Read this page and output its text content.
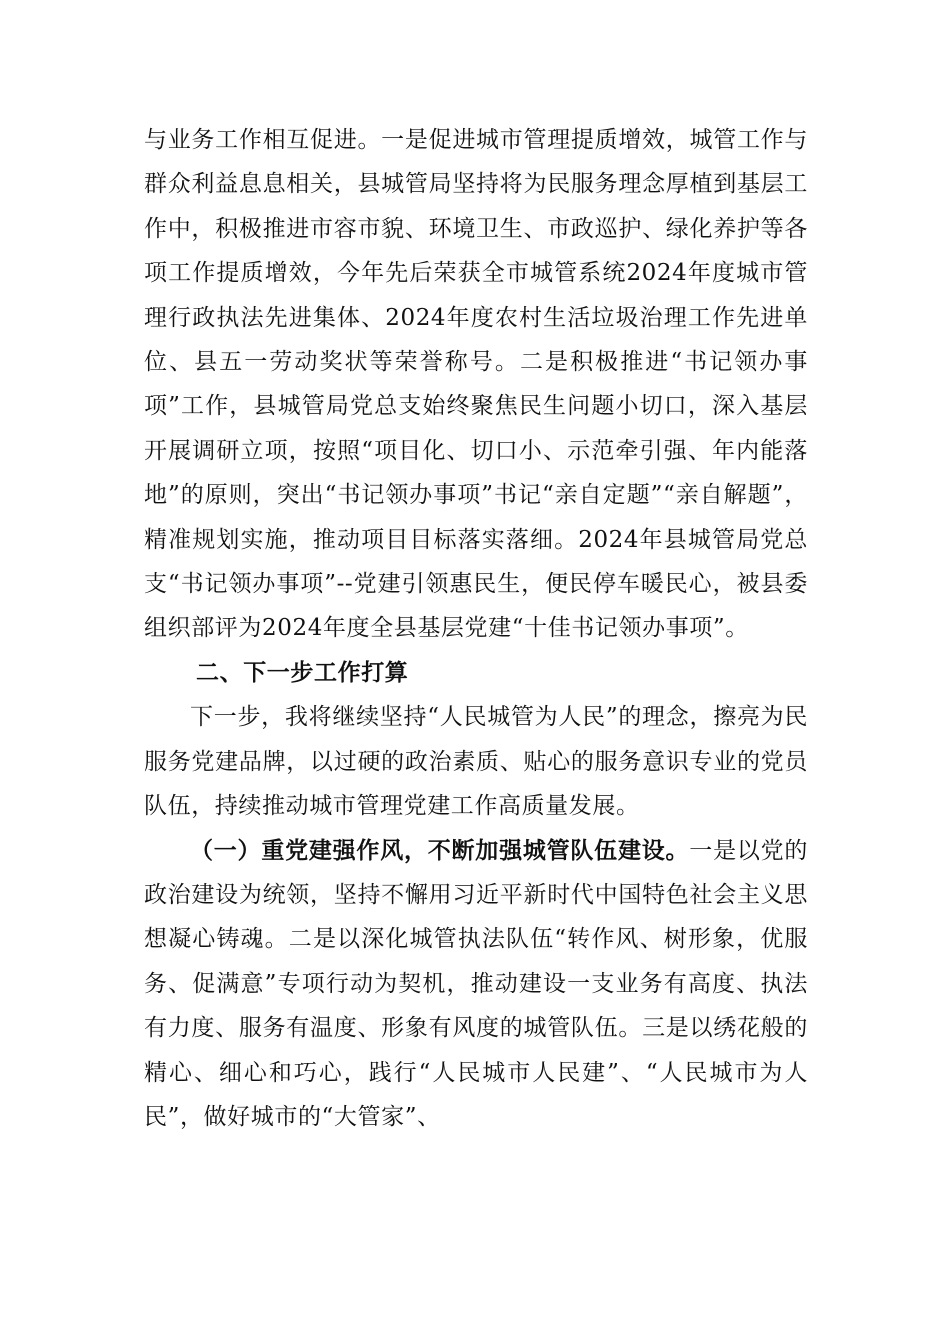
与业务工作相互促进。一是促进城市管理提质增效，城管工作与群众利益息息相关，县城管局坚持将为民服务理念厚植到基层工作中，积极推进市容市貌、环境卫生、市政巡护、绿化养护等各项工作提质增效，今年先后荣获全市城管系统2024年度城市管理行政执法先进集体、2024年度农村生活垃圾治理工作先进单位、县五一劳动奖状等荣誉称号。二是积极推进“书记领办事项”工作，县城管局党总支始终聚焦民生问题小切口，深入基层开展调研立项，按照“项目化、切口小、示范牵引强、年内能落地”的原则，突出“书记领办事项”书记“亲自定题”“亲自解题”，精准规划实施，推动项目目标落实落细。2024年县城管局党总支“书记领办事项”--党建引领惠民生，便民停车暖民心，被县委组织部评为2024年度全县基层党建“十佳书记领办事项”。

二、下一步工作打算

下一步，我将继续坚持“人民城管为人民”的理念，擦亮为民服务党建品牌，以过硬的政治素质、贴心的服务意识专业的党员队伍，持续推动城市管理党建工作高质量发展。

（一）重党建强作风，不断加强城管队伍建设。一是以党的政治建设为统领，坚持不懈用习近平新时代中国特色社会主义思想凝心铸魂。二是以深化城管执法队伍“转作风、树形象，优服务、促满意”专项行动为契机，推动建设一支业务有高度、执法有力度、服务有温度、形象有风度的城管队伍。三是以绣花般的精心、细心和巧心，践行“人民城市人民建”、“人民城市为人民”，做好城市的“大管家”、
